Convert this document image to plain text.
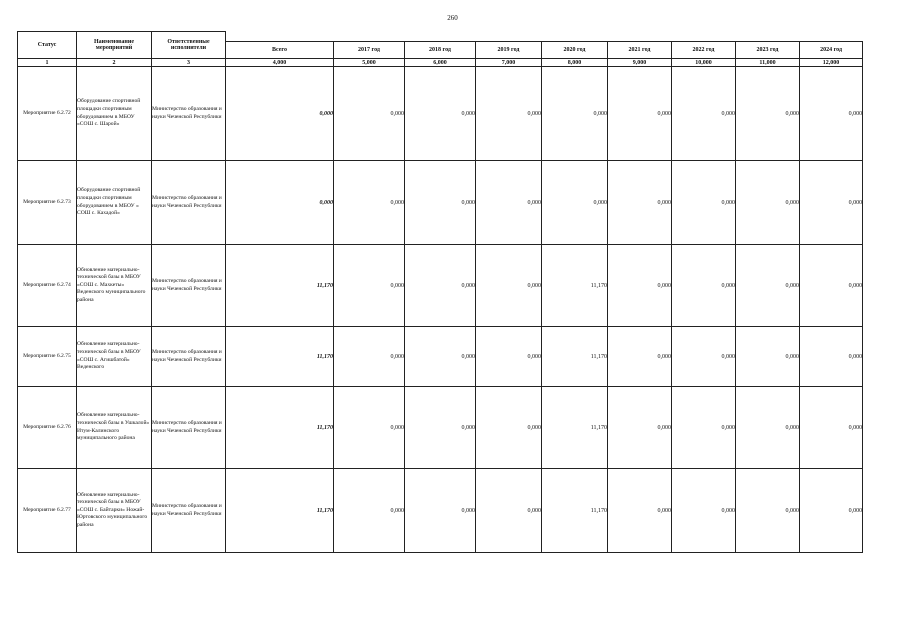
260
Статус	Наименование мероприятий	Ответственные исполнители									
			Всего	2017 год	2018 год	2019 год	2020 год	2021 год	2022 год	2023 год	2024 год
1	2	3	4,000	5,000	6,000	7,000	8,000	9,000	10,000	11,000	12,000
Мероприятие 6.2.72	Оборудование спортивной площадки спортивным оборудованием в МБОУ «СОШ с. Шарой»	Министерство образования и науки Чеченской Республики	0,000	0,000	0,000	0,000	0,000	0,000	0,000	0,000	0,000
Мероприятие 6.2.73	Оборудование спортивной площадки спортивным оборудованием в МБОУ « СОШ с. Кахадой»	Министерство образования и науки Чеченской Республики	0,000	0,000	0,000	0,000	0,000	0,000	0,000	0,000	0,000
Мероприятие 6.2.74	Обновление материально-технической базы в МБОУ «СОШ с. Махкеты» Веденского муниципального района	Министерство образования и науки Чеченской Республики	11,170	0,000	0,000	0,000	11,170	0,000	0,000	0,000	0,000
Мероприятие 6.2.75	Обновление материально-технической базы в МБОУ «СОШ с. Агишбатой» Веденского	Министерство образования и науки Чеченской Республики	11,170	0,000	0,000	0,000	11,170	0,000	0,000	0,000	0,000
Мероприятие 6.2.76	Обновление материально-технической базы в Ушкалой» Итум-Калинского муниципального района	Министерство образования и науки Чеченской Республики	11,170	0,000	0,000	0,000	11,170	0,000	0,000	0,000	0,000
Мероприятие 6.2.77	Обновление материально-технической базы в МБОУ «СОШ с. Байтарки» Ножай-Юртовского муниципального района	Министерство образования и науки Чеченской Республики	11,170	0,000	0,000	0,000	11,170	0,000	0,000	0,000	0,000
